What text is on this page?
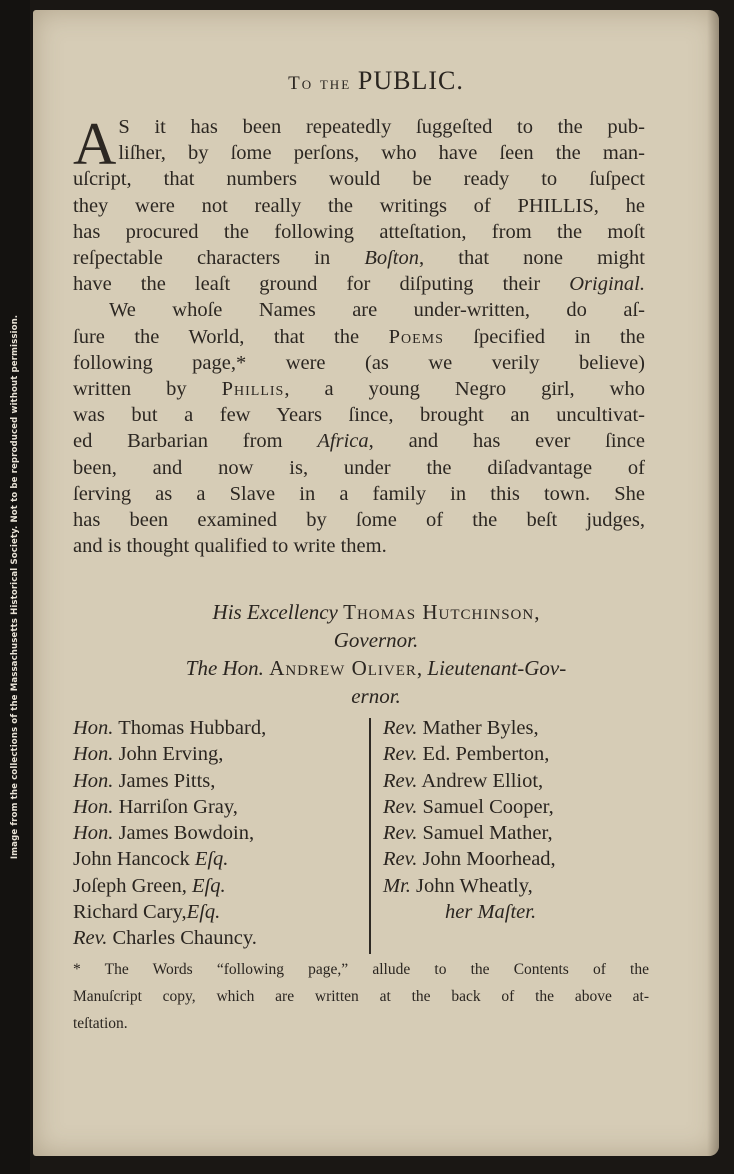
Image from the collections of the Massachusetts Historical Society. Not to be reproduced without permission.
To the PUBLIC.
A S it has been repeatedly ſuggeſted to the pub-
liſher, by ſome perſons, who have ſeen the man-
uſcript, that numbers would be ready to ſuſpect
they were not really the writings of PHILLIS, he
has procured the following atteſtation, from the moſt
reſpectable characters in Boſton, that none might
have the leaſt ground for diſputing their Original.
We whoſe Names are under-written, do aſ-
ſure the World, that the Poems ſpecified in the
following page,* were (as we verily believe)
written by Phillis, a young Negro girl, who
was but a few Years ſince, brought an uncultivat-
ed Barbarian from Africa, and has ever ſince
been, and now is, under the diſadvantage of
ſerving as a Slave in a family in this town. She
has been examined by ſome of the beſt judges,
and is thought qualified to write them.
His Excellency Thomas Hutchinson,
Governor.
The Hon. Andrew Oliver, Lieutenant-Gov-
ernor.
Hon. Thomas Hubbard,
Hon. John Erving,
Hon. James Pitts,
Hon. Harriſon Gray,
Hon. James Bowdoin,
John Hancock Eſq.
Joſeph Green, Eſq.
Richard Cary,Eſq.
Rev. Charles Chauncy.
Rev. Mather Byles,
Rev. Ed. Pemberton,
Rev. Andrew Elliot,
Rev. Samuel Cooper,
Rev. Samuel Mather,
Rev. John Moorhead,
Mr. John Wheatly,
her Maſter.
* The Words “following page,” allude to the Contents of the
Manuſcript copy, which are written at the back of the above at-
teſtation.
